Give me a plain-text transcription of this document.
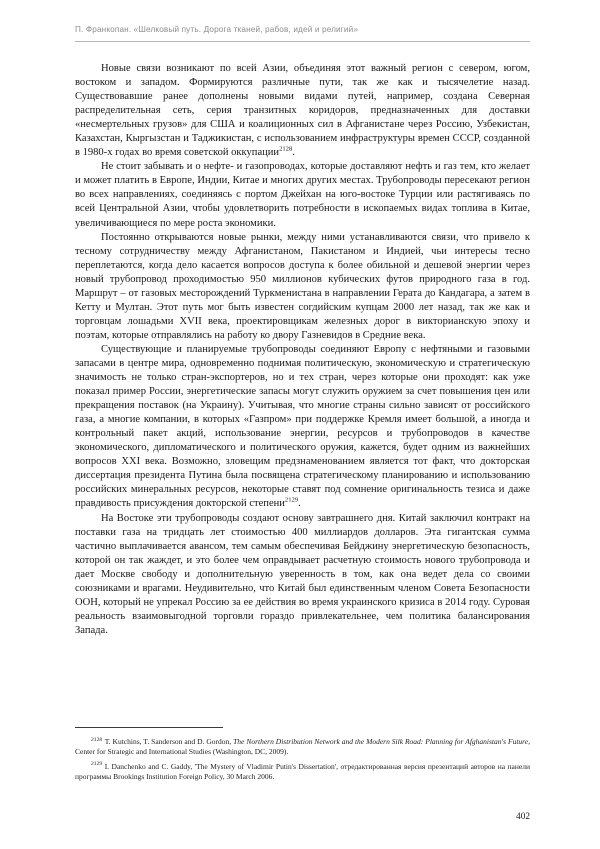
П. Франкопан. «Шелковый путь. Дорога тканей, рабов, идей и религий»

Новые связи возникают по всей Азии, объединяя этот важный регион с севером, югом, востоком и западом. Формируются различные пути, так же как и тысячелетие назад. Существовавшие ранее дополнены новыми видами путей, например, создана Северная распределительная сеть, серия транзитных коридоров, предназначенных для доставки «несмертельных грузов» для США и коалиционных сил в Афганистане через Россию, Узбекистан, Казахстан, Кыргызстан и Таджикистан, с использованием инфраструктуры времен СССР, созданной в 1980-х годах во время советской оккупации$^{2128}$.

Не стоит забывать и о нефте- и газопроводах, которые доставляют нефть и газ тем, кто желает и может платить в Европе, Индии, Китае и многих других местах. Трубопроводы пересекают регион во всех направлениях, соединяясь с портом Джейхан на юго-востоке Турции или растягиваясь по всей Центральной Азии, чтобы удовлетворить потребности в ископаемых видах топлива в Китае, увеличивающиеся по мере роста экономики.

Постоянно открываются новые рынки, между ними устанавливаются связи, что привело к тесному сотрудничеству между Афганистаном, Пакистаном и Индией, чьи интересы тесно переплетаются, когда дело касается вопросов доступа к более обильной и дешевой энергии через новый трубопровод проходимостью 950 миллионов кубических футов природного газа в год. Маршрут – от газовых месторождений Туркменистана в направлении Герата до Кандагара, а затем в Кетту и Мултан. Этот путь мог быть известен согдийским купцам 2000 лет назад, так же как и торговцам лошадьми XVII века, проектировщикам железных дорог в викторианскую эпоху и поэтам, которые отправлялись на работу ко двору Газневидов в Средние века.

Существующие и планируемые трубопроводы соединяют Европу с нефтяными и газовыми запасами в центре мира, одновременно поднимая политическую, экономическую и стратегическую значимость не только стран-экспортеров, но и тех стран, через которые они проходят: как уже показал пример России, энергетические запасы могут служить оружием за счет повышения цен или прекращения поставок (на Украину). Учитывая, что многие страны сильно зависят от российского газа, а многие компании, в которых «Газпром» при поддержке Кремля имеет большой, а иногда и контрольный пакет акций, использование энергии, ресурсов и трубопроводов в качестве экономического, дипломатического и политического оружия, кажется, будет одним из важнейших вопросов XXI века. Возможно, зловещим предзнаменованием является тот факт, что докторская диссертация президента Путина была посвящена стратегическому планированию и использованию российских минеральных ресурсов, некоторые ставят под сомнение оригинальность тезиса и даже правдивость присуждения докторской степени$^{2129}$.

На Востоке эти трубопроводы создают основу завтрашнего дня. Китай заключил контракт на поставки газа на тридцать лет стоимостью 400 миллиардов долларов. Эта гигантская сумма частично выплачивается авансом, тем самым обеспечивая Бейджину энергетическую безопасность, которой он так жаждет, и это более чем оправдывает расчетную стоимость нового трубопровода и дает Москве свободу и дополнительную уверенность в том, как она ведет дела со своими союзниками и врагами. Неудивительно, что Китай был единственным членом Совета Безопасности ООН, который не упрекал Россию за ее действия во время украинского кризиса в 2014 году. Суровая реальность взаимовыгодной торговли гораздо привлекательнее, чем политика балансирования Запада.

$^{2128}$ T. Kutchins, T. Sanderson and D. Gordon, The Northern Distribution Network and the Modern Silk Road: Planning for Afghanistan's Future, Center for Strategic and International Studies (Washington, DC, 2009).

$^{2129}$ I. Danchenko and C. Gaddy, 'The Mystery of Vladimir Putin's Dissertation', отредактированная версия презентаций авторов на панели программы Brookings Institution Foreign Policy, 30 March 2006.

402
